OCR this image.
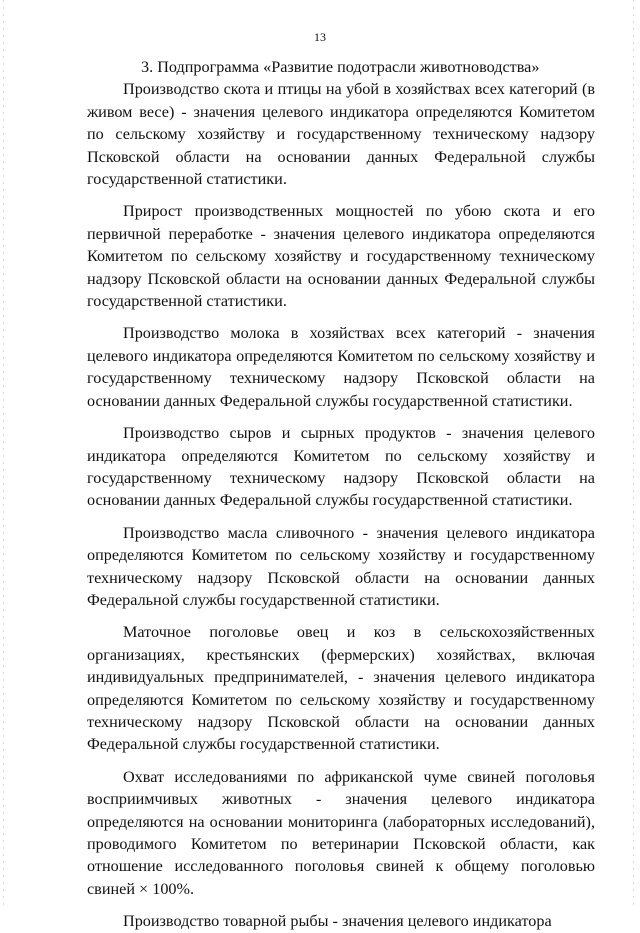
13

3. Подпрограмма «Развитие подотрасли животноводства»

Производство скота и птицы на убой в хозяйствах всех категорий (в живом весе) - значения целевого индикатора определяются Комитетом по сельскому хозяйству и государственному техническому надзору Псковской области на основании данных Федеральной службы государственной статистики.

Прирост производственных мощностей по убою скота и его первичной переработке - значения целевого индикатора определяются Комитетом по сельскому хозяйству и государственному техническому надзору Псковской области на основании данных Федеральной службы государственной статистики.

Производство молока в хозяйствах всех категорий - значения целевого индикатора определяются Комитетом по сельскому хозяйству и государственному техническому надзору Псковской области на основании данных Федеральной службы государственной статистики.

Производство сыров и сырных продуктов - значения целевого индикатора определяются Комитетом по сельскому хозяйству и государственному техническому надзору Псковской области на основании данных Федеральной службы государственной статистики.

Производство масла сливочного - значения целевого индикатора определяются Комитетом по сельскому хозяйству и государственному техническому надзору Псковской области на основании данных Федеральной службы государственной статистики.

Маточное поголовье овец и коз в сельскохозяйственных организациях, крестьянских (фермерских) хозяйствах, включая индивидуальных предпринимателей, - значения целевого индикатора определяются Комитетом по сельскому хозяйству и государственному техническому надзору Псковской области на основании данных Федеральной службы государственной статистики.

Охват исследованиями по африканской чуме свиней поголовья восприимчивых животных - значения целевого индикатора определяются на основании мониторинга (лабораторных исследований), проводимого Комитетом по ветеринарии Псковской области, как отношение исследованного поголовья свиней к общему поголовью свиней × 100%.

Производство товарной рыбы - значения целевого индикатора
